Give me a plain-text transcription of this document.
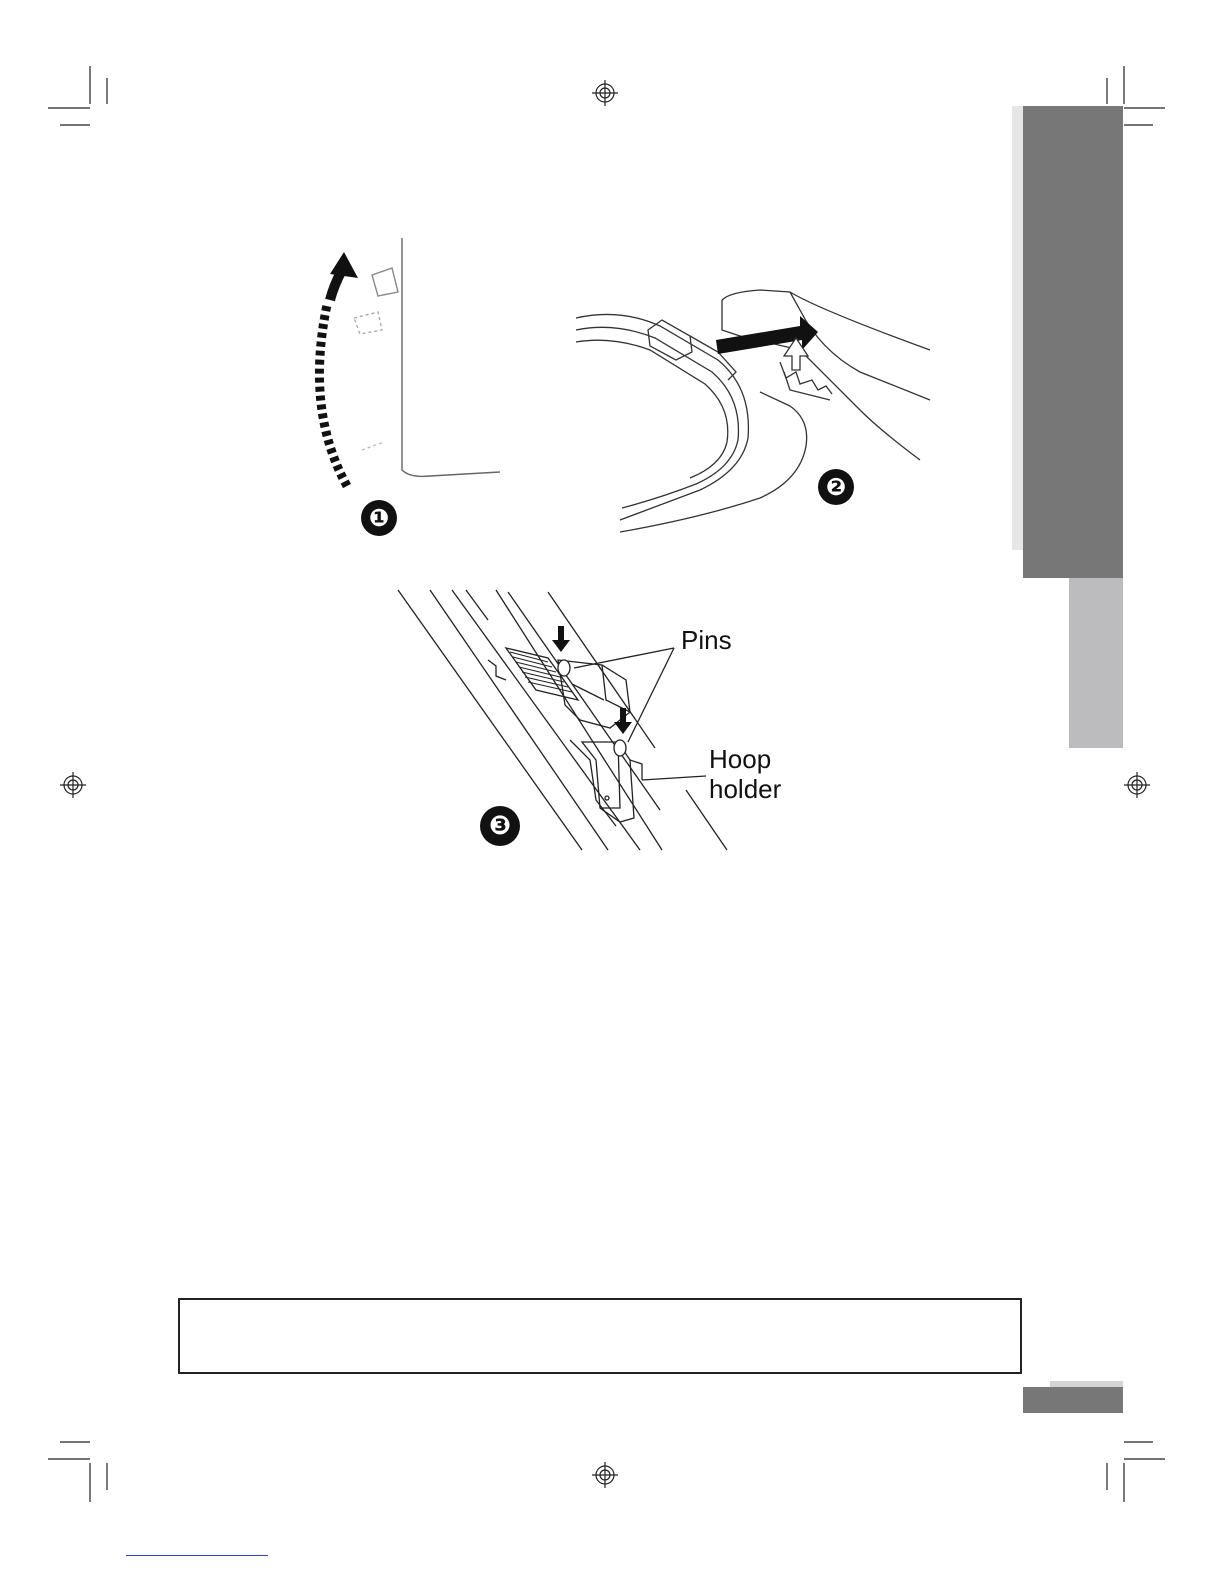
❶
❷
❸
Pins
Hoop
holder
